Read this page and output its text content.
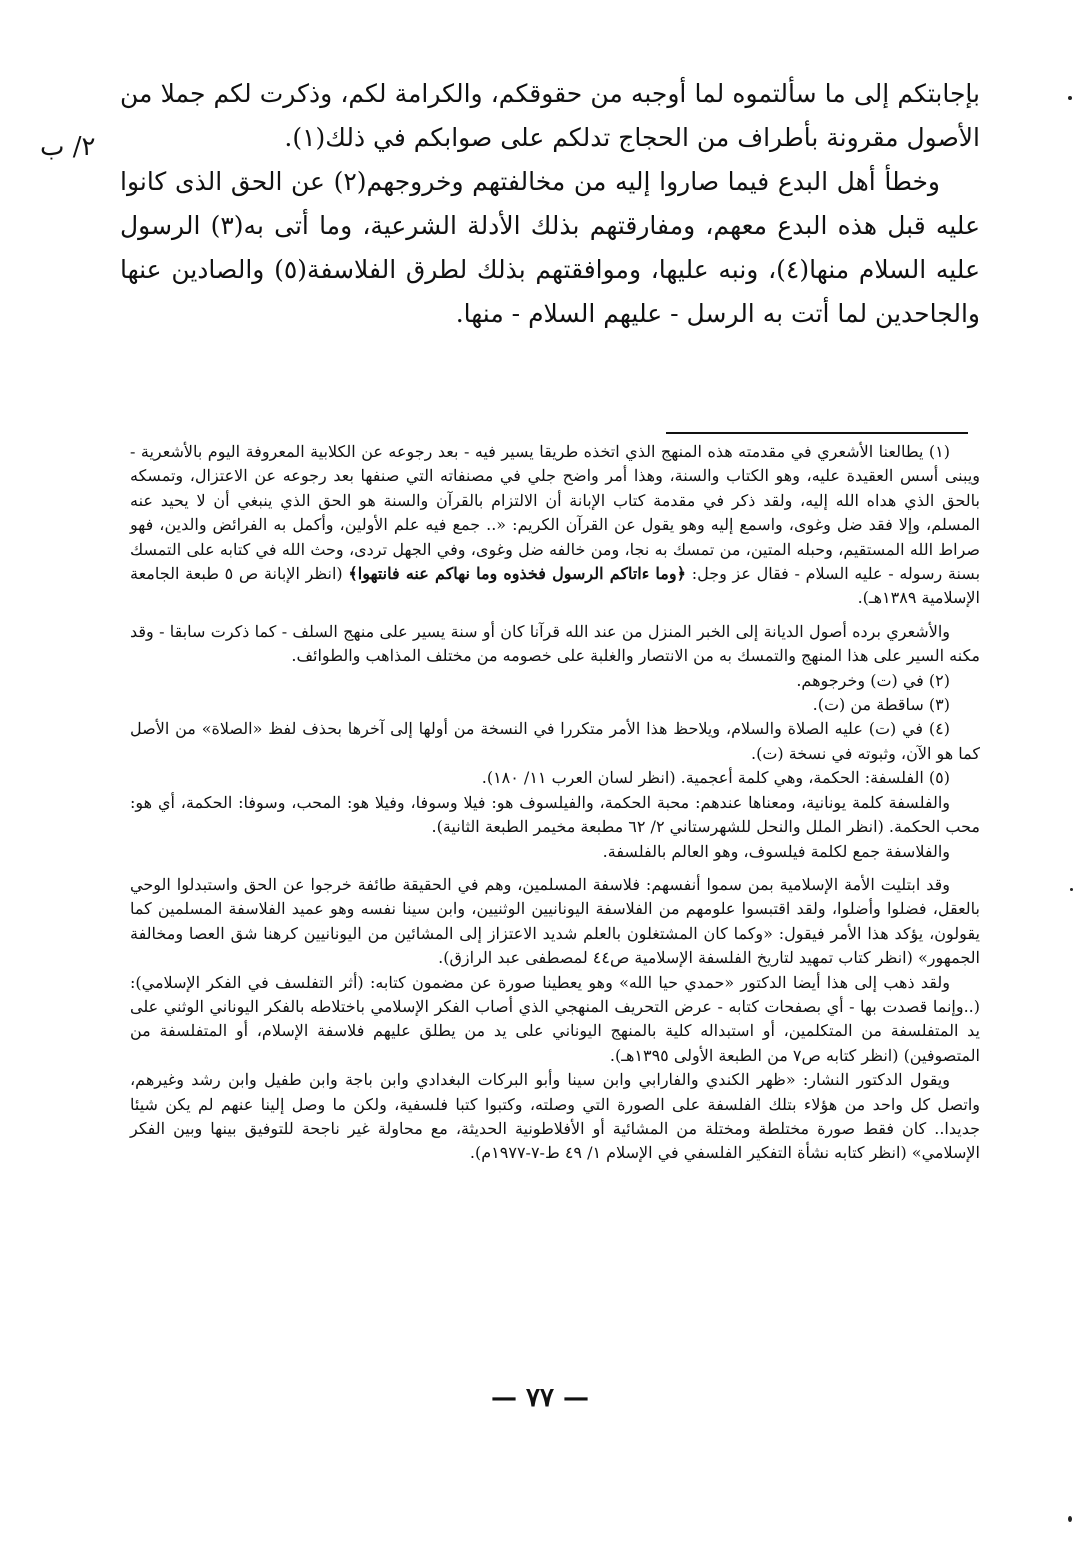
٢/ ب

بإجابتكم إلى ما سألتموه لما أوجبه من حقوقكم، والكرامة لكم، وذكرت لكم جملا من الأصول مقرونة بأطراف من الحجاج تدلكم على صوابكم في ذلك(١).

وخطأ أهل البدع فيما صاروا إليه من مخالفتهم وخروجهم(٢) عن الحق الذى كانوا عليه قبل هذه البدع معهم، ومفارقتهم بذلك الأدلة الشرعية، وما أتى به(٣) الرسول عليه السلام منها(٤)، ونبه عليها، وموافقتهم بذلك لطرق الفلاسفة(٥) والصادين عنها والجاحدين لما أتت به الرسل - عليهم السلام - منها.

(١) يطالعنا الأشعري في مقدمته هذه المنهج الذي اتخذه طريقا يسير فيه - بعد رجوعه عن الكلابية المعروفة اليوم بالأشعرية - ويبنى أسس العقيدة عليه، وهو الكتاب والسنة، وهذا أمر واضح جلي في مصنفاته التي صنفها بعد رجوعه عن الاعتزال، وتمسكه بالحق الذي هداه الله إليه، ولقد ذكر في مقدمة كتاب الإبانة أن الالتزام بالقرآن والسنة هو الحق الذي ينبغي أن لا يحيد عنه المسلم، وإلا فقد ضل وغوى، واسمع إليه وهو يقول عن القرآن الكريم: «.. جمع فيه علم الأولين، وأكمل به الفرائض والدين، فهو صراط الله المستقيم، وحبله المتين، من تمسك به نجا، ومن خالفه ضل وغوى، وفي الجهل تردى، وحث الله في كتابه على التمسك بسنة رسوله - عليه السلام - فقال عز وجل: ﴿وما ءاتاكم الرسول فخذوه وما نهاكم عنه فانتهوا﴾ (انظر الإبانة ص ٥ طبعة الجامعة الإسلامية ١٣٨٩هـ).

والأشعري برده أصول الديانة إلى الخبر المنزل من عند الله قرآنا كان أو سنة يسير على منهج السلف - كما ذكرت سابقا - وقد مكنه السير على هذا المنهج والتمسك به من الانتصار والغلبة على خصومه من مختلف المذاهب والطوائف.

(٢) في (ت) وخرجوهم.

(٣) ساقطة من (ت).

(٤) في (ت) عليه الصلاة والسلام، ويلاحظ هذا الأمر متكررا في النسخة من أولها إلى آخرها بحذف لفظ «الصلاة» من الأصل كما هو الآن، وثبوته في نسخة (ت).

(٥) الفلسفة: الحكمة، وهي كلمة أعجمية. (انظر لسان العرب ١١/ ١٨٠).

والفلسفة كلمة يونانية، ومعناها عندهم: محبة الحكمة، والفيلسوف هو: فيلا وسوفا، وفيلا هو: المحب، وسوفا: الحكمة، أي هو: محب الحكمة. (انظر الملل والنحل للشهرستاني ٢/ ٦٢ مطبعة مخيمر الطبعة الثانية).

والفلاسفة جمع لكلمة فيلسوف، وهو العالم بالفلسفة.

وقد ابتليت الأمة الإسلامية بمن سموا أنفسهم: فلاسفة المسلمين، وهم في الحقيقة طائفة خرجوا عن الحق واستبدلوا الوحي بالعقل، فضلوا وأضلوا، ولقد اقتبسوا علومهم من الفلاسفة اليونانيين الوثنيين، وابن سينا نفسه وهو عميد الفلاسفة المسلمين كما يقولون، يؤكد هذا الأمر فيقول: «وكما كان المشتغلون بالعلم شديد الاعتزاز إلى المشائين من اليونانيين كرهنا شق العصا ومخالفة الجمهور» (انظر كتاب تمهيد لتاريخ الفلسفة الإسلامية ص٤٤ لمصطفى عبد الرازق).

ولقد ذهب إلى هذا أيضا الدكتور «حمدي حيا الله» وهو يعطينا صورة عن مضمون كتابه: (أثر التفلسف في الفكر الإسلامي): (..وإنما قصدت بها - أي بصفحات كتابه - عرض التحريف المنهجي الذي أصاب الفكر الإسلامي باختلاطه بالفكر اليوناني الوثني على يد المتفلسفة من المتكلمين، أو استبداله كلية بالمنهج اليوناني على يد من يطلق عليهم فلاسفة الإسلام، أو المتفلسفة من المتصوفين) (انظر كتابه ص٧ من الطبعة الأولى ١٣٩٥هـ).

ويقول الدكتور النشار: «ظهر الكندي والفارابي وابن سينا وأبو البركات البغدادي وابن باجة وابن طفيل وابن رشد وغيرهم، واتصل كل واحد من هؤلاء بتلك الفلسفة على الصورة التي وصلته، وكتبوا كتبا فلسفية، ولكن ما وصل إلينا عنهم لم يكن شيئا جديدا.. كان فقط صورة مختلطة ومختلة من المشائية أو الأفلاطونية الحديثة، مع محاولة غير ناجحة للتوفيق بينها وبين الفكر الإسلامي» (انظر كتابه نشأة التفكير الفلسفي في الإسلام ١/ ٤٩ ط-٧-١٩٧٧م).

— ٧٧ —
